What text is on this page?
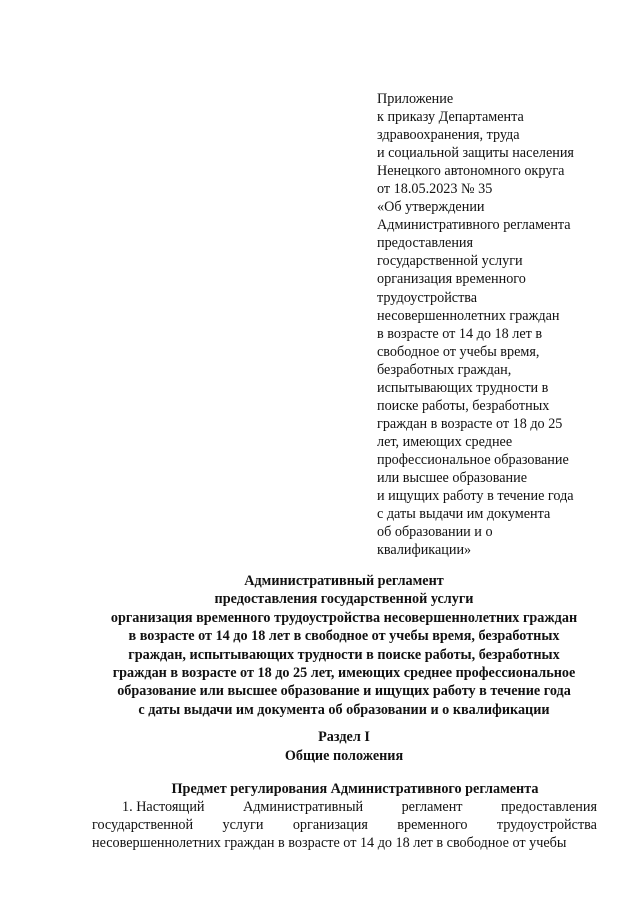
Приложение
к приказу Департамента
здравоохранения, труда
и социальной защиты населения
Ненецкого автономного округа
от 18.05.2023 № 35
«Об утверждении
Административного регламента
предоставления
государственной услуги
организация временного
трудоустройства
несовершеннолетних граждан
в возрасте от 14 до 18 лет в
свободное от учебы время,
безработных граждан,
испытывающих трудности в
поиске работы, безработных
граждан в возрасте от 18 до 25
лет, имеющих среднее
профессиональное образование
или высшее образование
и ищущих работу в течение года
с даты выдачи им документа
об образовании и о
квалификации»
Административный регламент
предоставления государственной услуги
организация временного трудоустройства несовершеннолетних граждан
в возрасте от 14 до 18 лет в свободное от учебы время, безработных
граждан, испытывающих трудности в поиске работы, безработных
граждан в возрасте от 18 до 25 лет, имеющих среднее профессиональное
образование или высшее образование и ищущих работу в течение года
с даты выдачи им документа об образовании и о квалификации
Раздел I
Общие положения
Предмет регулирования Административного регламента
1. Настоящий	Административный	регламент	предоставления
государственной услуги организация временного трудоустройства
несовершеннолетних граждан в возрасте от 14 до 18 лет в свободное от учебы
